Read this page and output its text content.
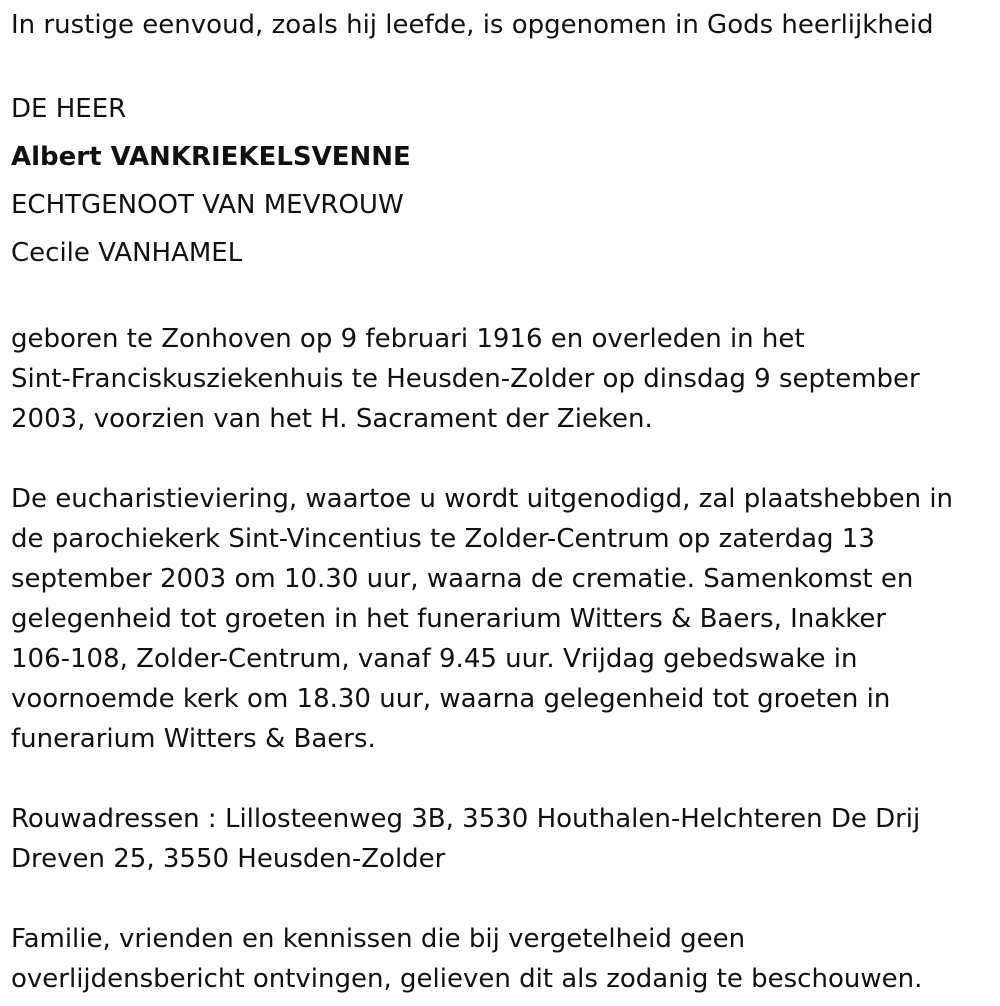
In rustige eenvoud, zoals hij leefde, is opgenomen in Gods heerlijkheid

DE HEER
Albert VANKRIEKELSVENNE
ECHTGENOOT VAN MEVROUW
Cecile VANHAMEL

geboren te Zonhoven op 9 februari 1916 en overleden in het
Sint-Franciskusziekenhuis te Heusden-Zolder op dinsdag 9 september
2003, voorzien van het H. Sacrament der Zieken.

De eucharistieviering, waartoe u wordt uitgenodigd, zal plaatshebben in
de parochiekerk Sint-Vincentius te Zolder-Centrum op zaterdag 13
september 2003 om 10.30 uur, waarna de crematie. Samenkomst en
gelegenheid tot groeten in het funerarium Witters & Baers, Inakker
106-108, Zolder-Centrum, vanaf 9.45 uur. Vrijdag gebedswake in
voornoemde kerk om 18.30 uur, waarna gelegenheid tot groeten in
funerarium Witters & Baers.

Rouwadressen : Lillosteenweg 3B, 3530 Houthalen-Helchteren De Drij
Dreven 25, 3550 Heusden-Zolder

Familie, vrienden en kennissen die bij vergetelheid geen
overlijdensbericht ontvingen, gelieven dit als zodanig te beschouwen.
